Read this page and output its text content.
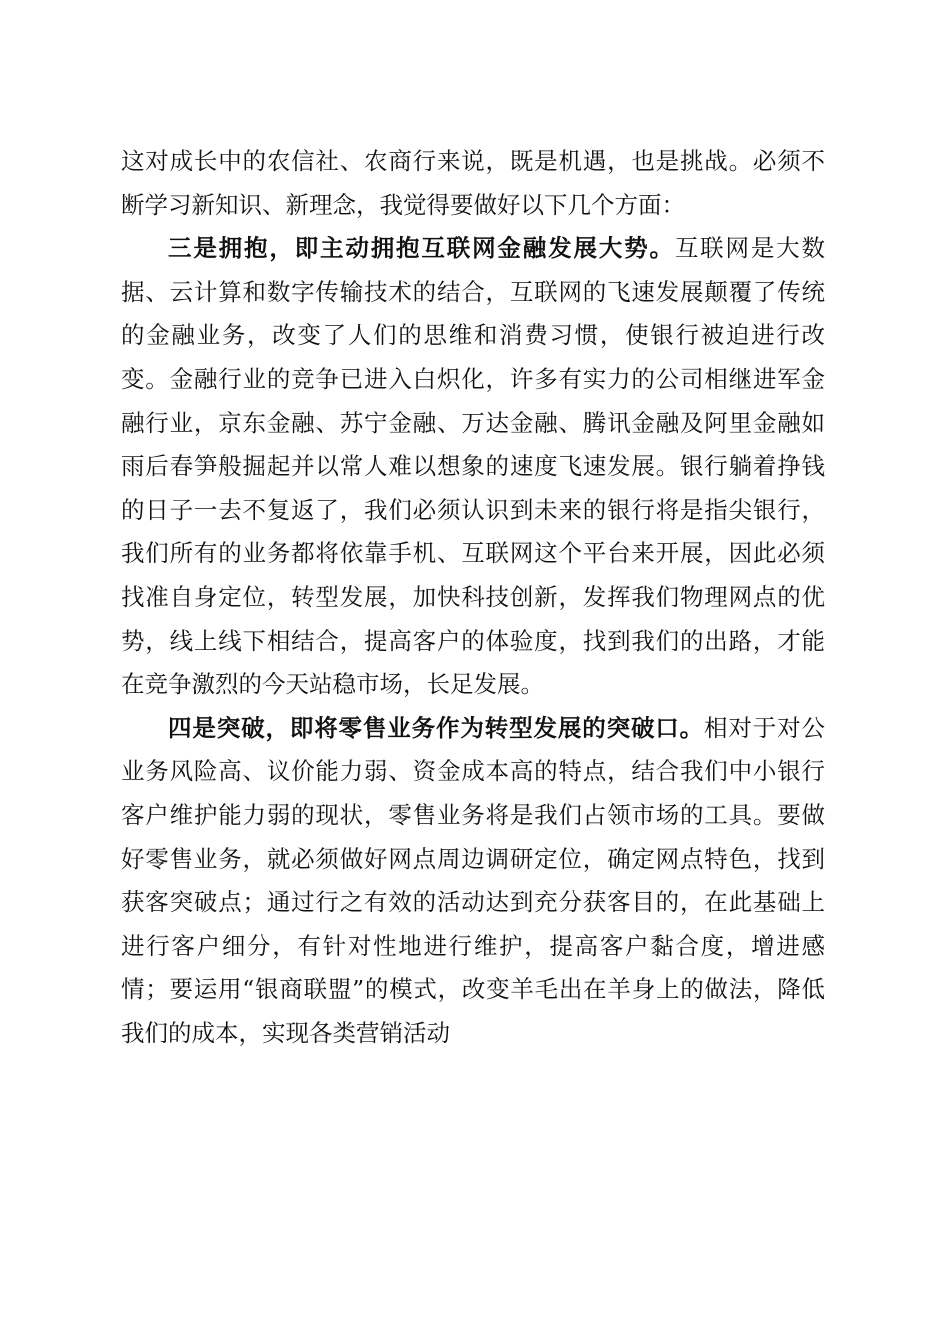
这对成长中的农信社、农商行来说，既是机遇，也是挑战。必须不断学习新知识、新理念，我觉得要做好以下几个方面：

三是拥抱，即主动拥抱互联网金融发展大势。互联网是大数据、云计算和数字传输技术的结合，互联网的飞速发展颠覆了传统的金融业务，改变了人们的思维和消费习惯，使银行被迫进行改变。金融行业的竞争已进入白炽化，许多有实力的公司相继进军金融行业，京东金融、苏宁金融、万达金融、腾讯金融及阿里金融如雨后春笋般掘起并以常人难以想象的速度飞速发展。银行躺着挣钱的日子一去不复返了，我们必须认识到未来的银行将是指尖银行，我们所有的业务都将依靠手机、互联网这个平台来开展，因此必须找准自身定位，转型发展，加快科技创新，发挥我们物理网点的优势，线上线下相结合，提高客户的体验度，找到我们的出路，才能在竞争激烈的今天站稳市场，长足发展。

四是突破，即将零售业务作为转型发展的突破口。相对于对公业务风险高、议价能力弱、资金成本高的特点，结合我们中小银行客户维护能力弱的现状，零售业务将是我们占领市场的工具。要做好零售业务，就必须做好网点周边调研定位，确定网点特色，找到获客突破点；通过行之有效的活动达到充分获客目的，在此基础上进行客户细分，有针对性地进行维护，提高客户黏合度，增进感情；要运用“银商联盟”的模式，改变羊毛出在羊身上的做法，降低我们的成本，实现各类营销活动
